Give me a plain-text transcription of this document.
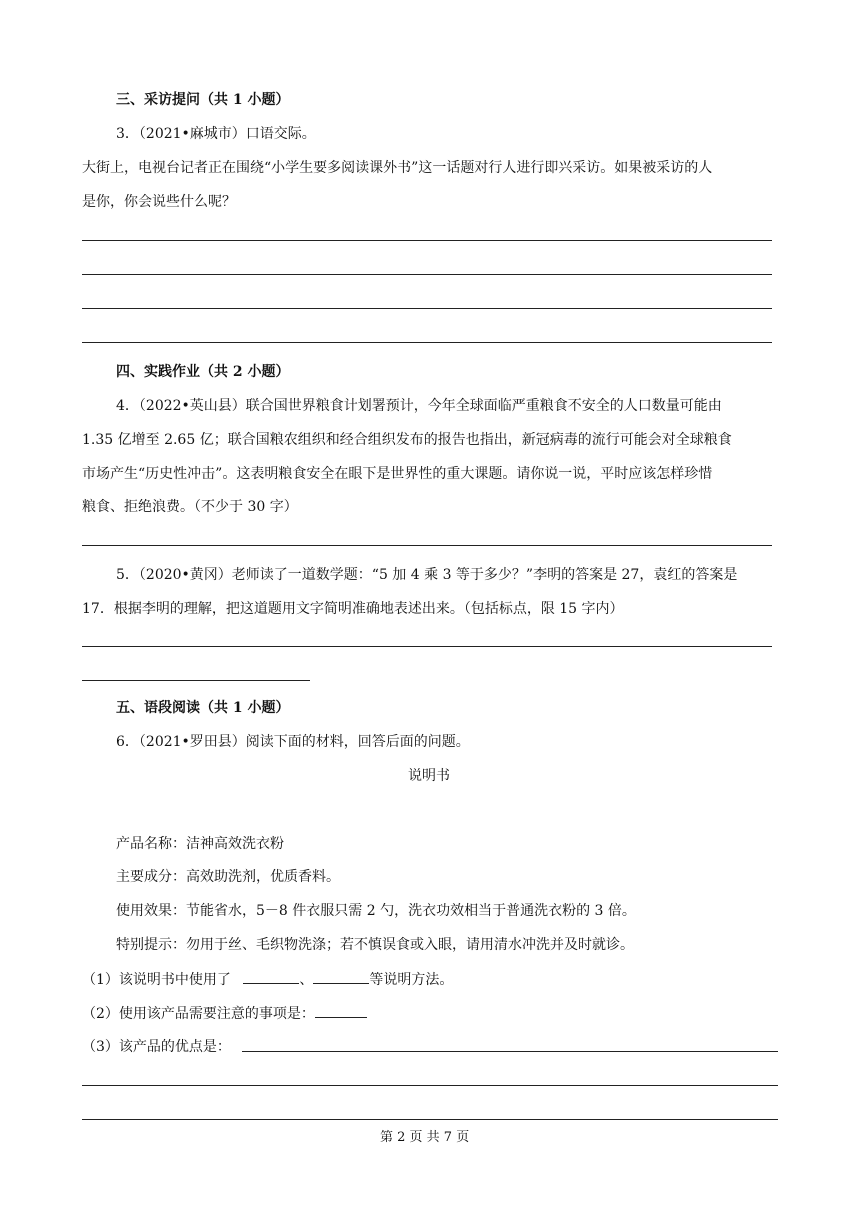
三、采访提问（共 1 小题）
3．（2021•麻城市）口语交际。
大街上，电视台记者正在围绕“小学生要多阅读课外书”这一话题对行人进行即兴采访。如果被采访的人
是你，你会说些什么呢？
四、实践作业（共 2 小题）
4．（2022•英山县）联合国世界粮食计划署预计，今年全球面临严重粮食不安全的人口数量可能由
1.35 亿增至 2.65 亿；联合国粮农组织和经合组织发布的报告也指出，新冠病毒的流行可能会对全球粮食
市场产生“历史性冲击”。这表明粮食安全在眼下是世界性的重大课题。请你说一说，平时应该怎样珍惜
粮食、拒绝浪费。（不少于 30 字）
5．（2020•黄冈）老师读了一道数学题：“5 加 4 乘 3 等于多少？”李明的答案是 27，袁红的答案是
17．根据李明的理解，把这道题用文字简明准确地表述出来。（包括标点，限 15 字内）
五、语段阅读（共 1 小题）
6．（2021•罗田县）阅读下面的材料，回答后面的问题。
说明书
产品名称：洁神高效洗衣粉
主要成分：高效助洗剂，优质香料。
使用效果：节能省水，5－8 件衣服只需 2 勺，洗衣功效相当于普通洗衣粉的 3 倍。
特别提示：勿用于丝、毛织物洗涤；若不慎误食或入眼，请用清水冲洗并及时就诊。
（1）该说明书中使用了	、	等说明方法。
（2）使用该产品需要注意的事项是：
（3）该产品的优点是：
第 2 页 共 7 页
